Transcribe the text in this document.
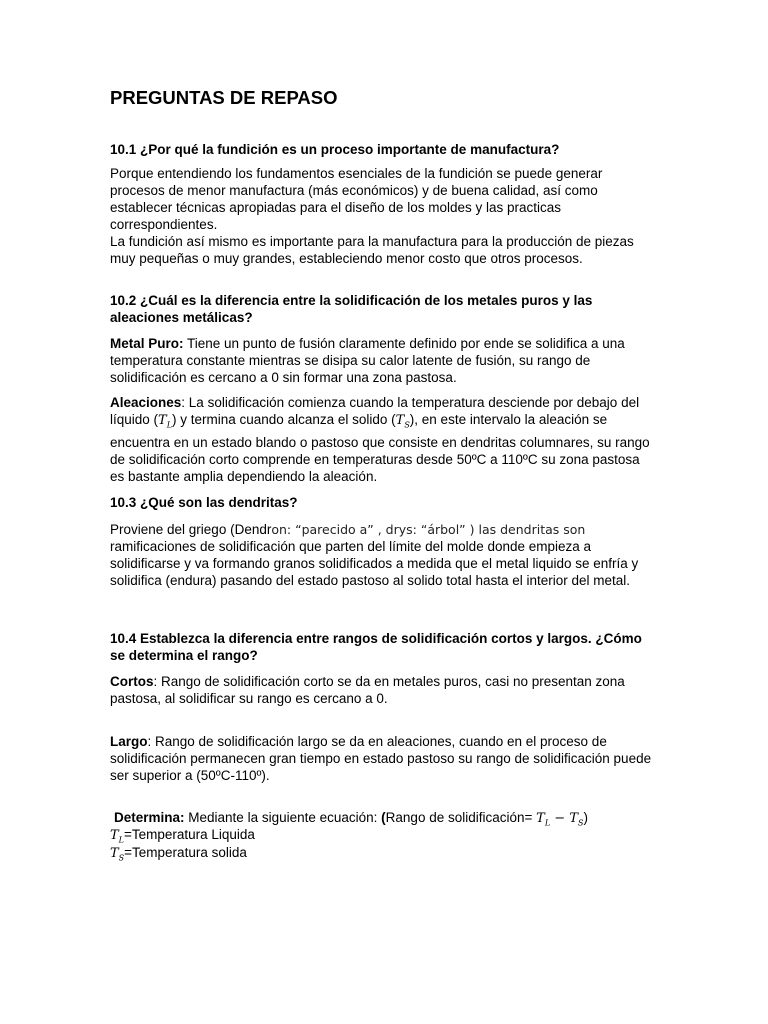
PREGUNTAS DE REPASO

10.1 ¿Por qué la fundición es un proceso importante de manufactura?

Porque entendiendo los fundamentos esenciales de la fundición se puede generar procesos de menor manufactura (más económicos) y de buena calidad, así como establecer técnicas apropiadas para el diseño de los moldes y las practicas correspondientes.

La fundición así mismo es importante para la manufactura para la producción de piezas muy pequeñas o muy grandes, estableciendo menor costo que otros procesos.

10.2 ¿Cuál es la diferencia entre la solidificación de los metales puros y las aleaciones metálicas?

Metal Puro: Tiene un punto de fusión claramente definido por ende se solidifica a una temperatura constante mientras se disipa su calor latente de fusión, su rango de solidificación es cercano a 0 sin formar una zona pastosa.

Aleaciones: La solidificación comienza cuando la temperatura desciende por debajo del líquido $(T_L)$ y termina cuando alcanza el solido $(T_S)$, en este intervalo la aleación se encuentra en un estado blando o pastoso que consiste en dendritas columnares, su rango de solidificación corto comprende en temperaturas desde 50ºC a 110ºC su zona pastosa es bastante amplia dependiendo la aleación.

10.3 ¿Qué son las dendritas?

Proviene del griego (Dendron: “parecido a” , drys: “árbol” ) las dendritas son ramificaciones de solidificación que parten del límite del molde donde empieza a solidificarse y va formando granos solidificados a medida que el metal liquido se enfría y solidifica (endura) pasando del estado pastoso al solido total hasta el interior del metal.

10.4 Establezca la diferencia entre rangos de solidificación cortos y largos. ¿Cómo se determina el rango?

Cortos: Rango de solidificación corto se da en metales puros, casi no presentan zona pastosa, al solidificar su rango es cercano a 0.

Largo: Rango de solidificación largo se da en aleaciones, cuando en el proceso de solidificación permanecen gran tiempo en estado pastoso su rango de solidificación puede ser superior a (50ºC-110º).

Determina: Mediante la siguiente ecuación: (Rango de solidificación= $T_L - T_S$)

$T_L=Temperatura$ Liquida

$T_S=Temperatura$ solida
